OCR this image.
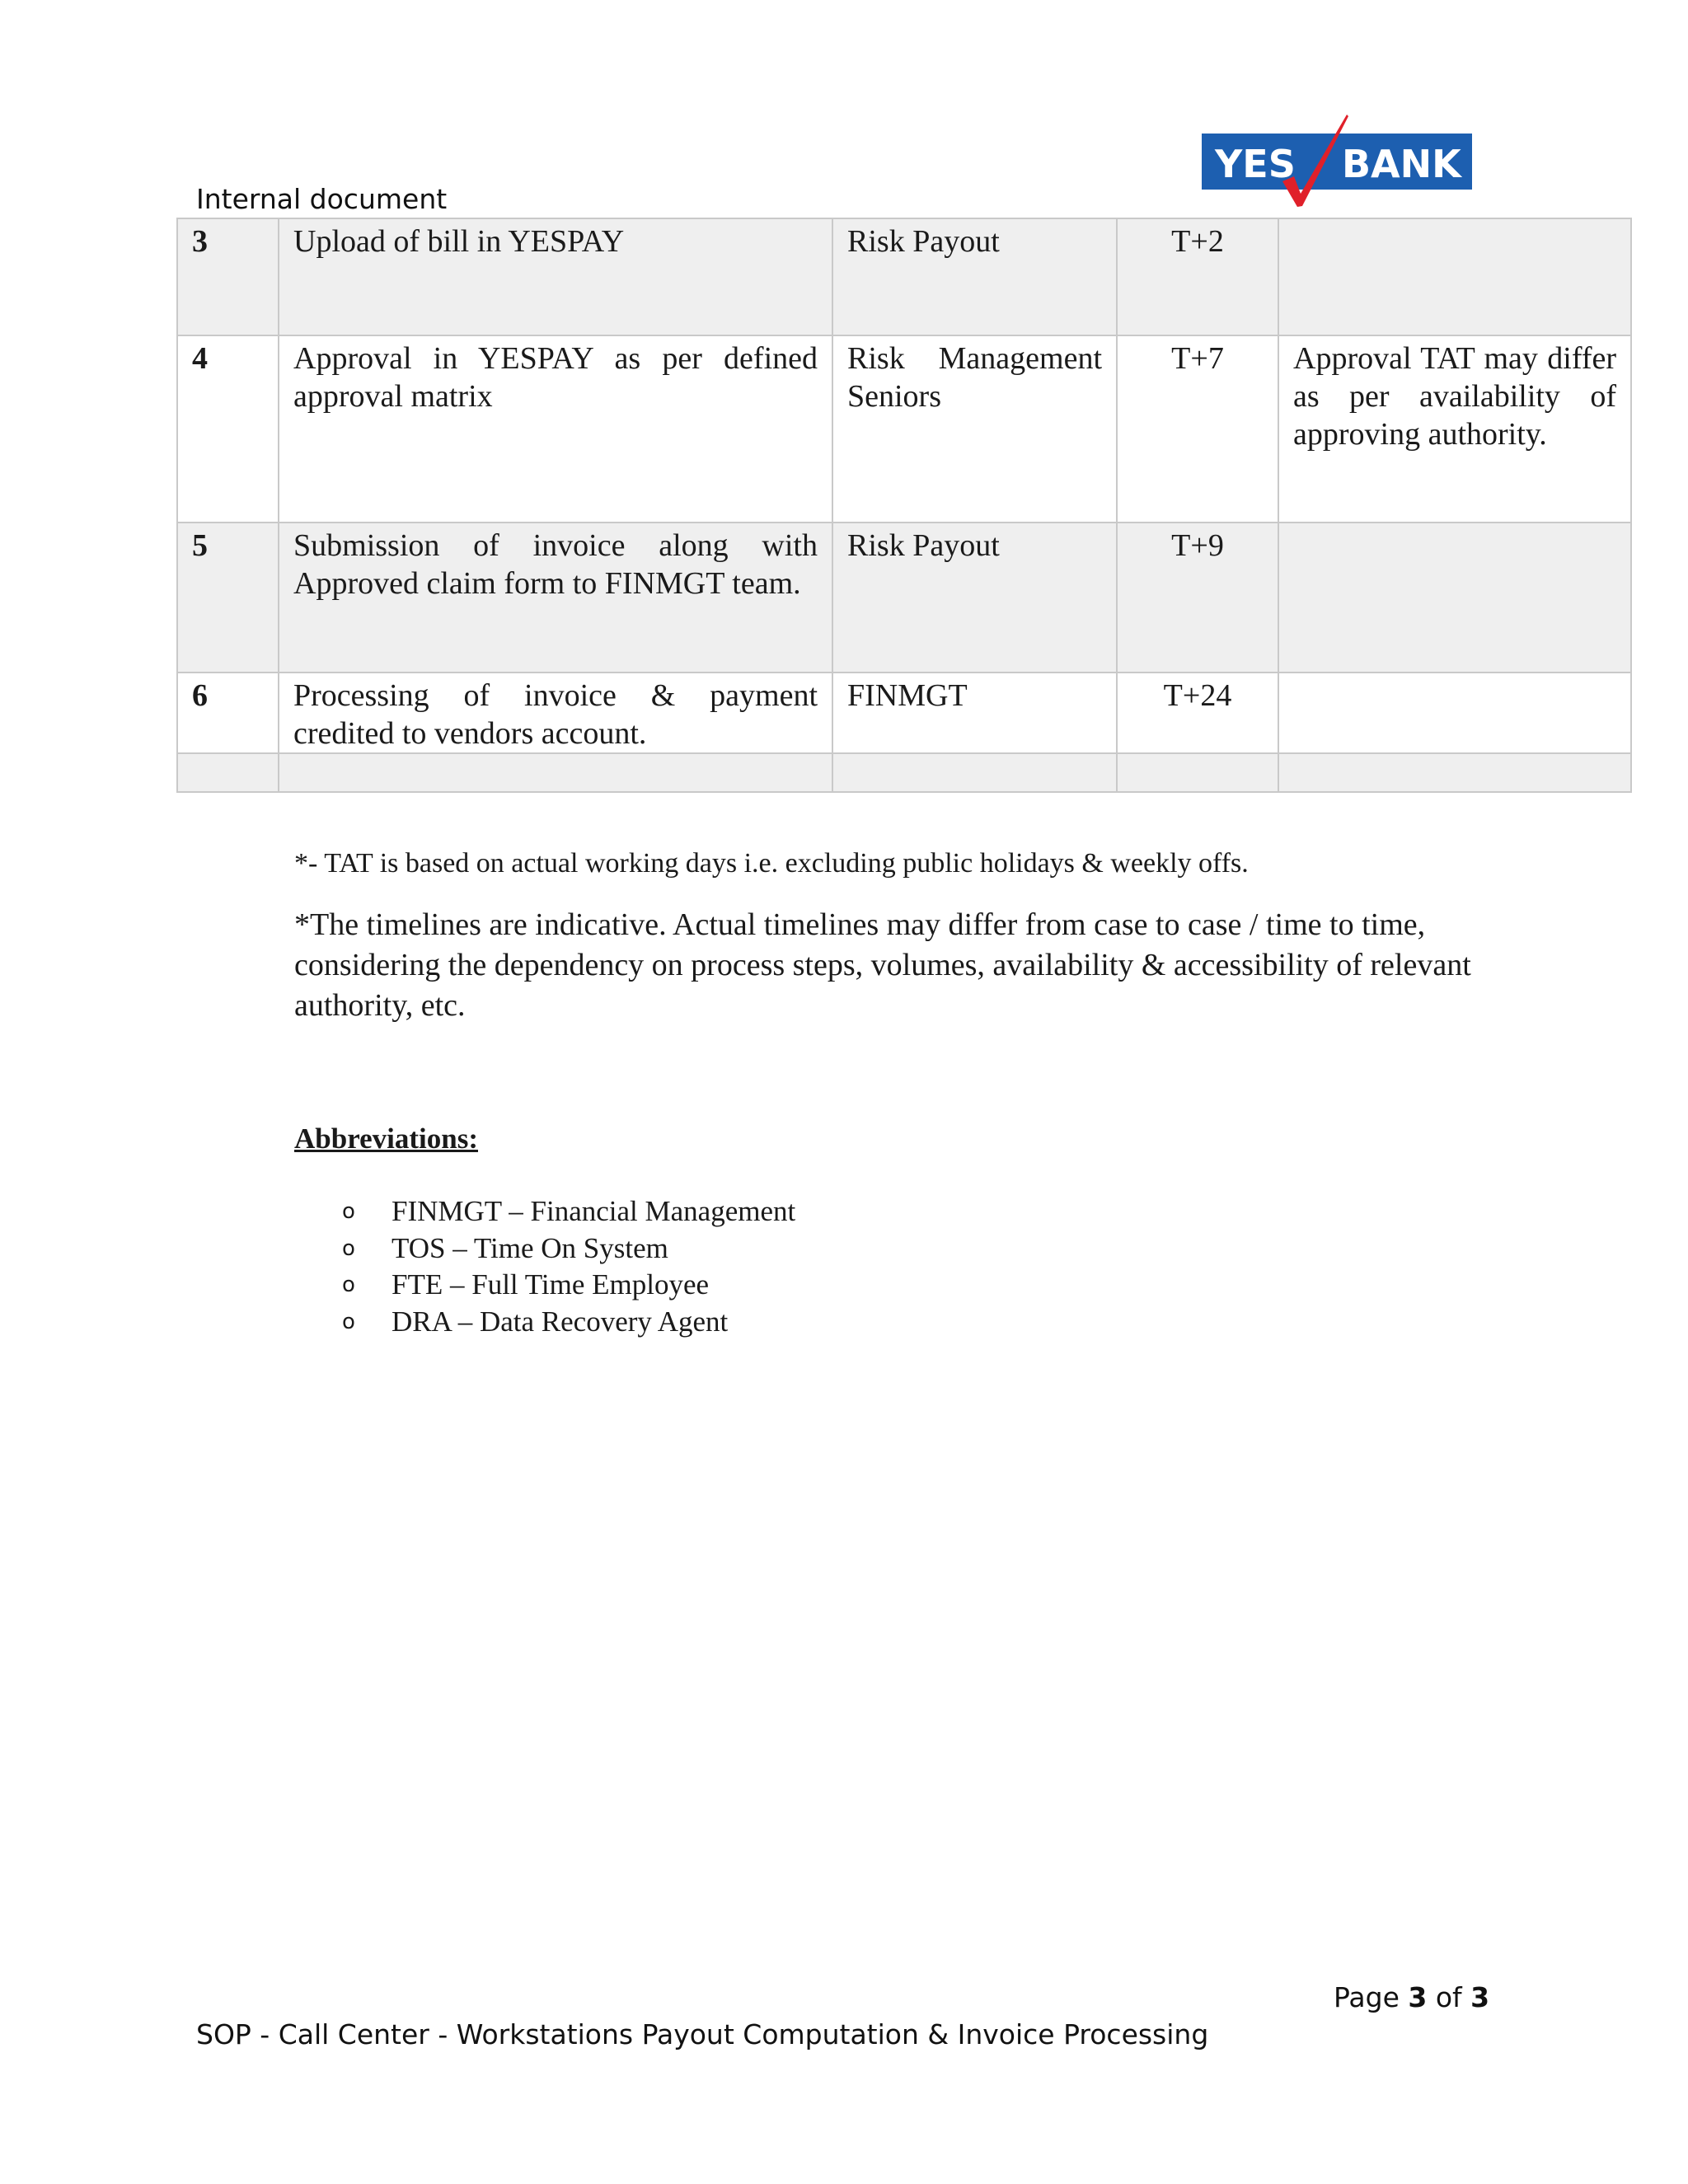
YES BANK
Internal document
3	Upload of bill in YESPAY	Risk Payout	T+2	
4	Approval in YESPAY as per defined approval matrix	Risk Management Seniors	T+7	Approval TAT may differ as per availability of approving authority.
5	Submission of invoice along with Approved claim form to FINMGT team.	Risk Payout	T+9	
6	Processing of invoice & payment credited to vendors account.	FINMGT	T+24	

*- TAT is based on actual working days i.e. excluding public holidays & weekly offs.
*The timelines are indicative. Actual timelines may differ from case to case / time to time, considering the dependency on process steps, volumes, availability & accessibility of relevant authority, etc.
Abbreviations:
o FINMGT – Financial Management
o TOS – Time On System
o FTE – Full Time Employee
o DRA – Data Recovery Agent
Page 3 of 3
SOP - Call Center - Workstations Payout Computation & Invoice Processing
